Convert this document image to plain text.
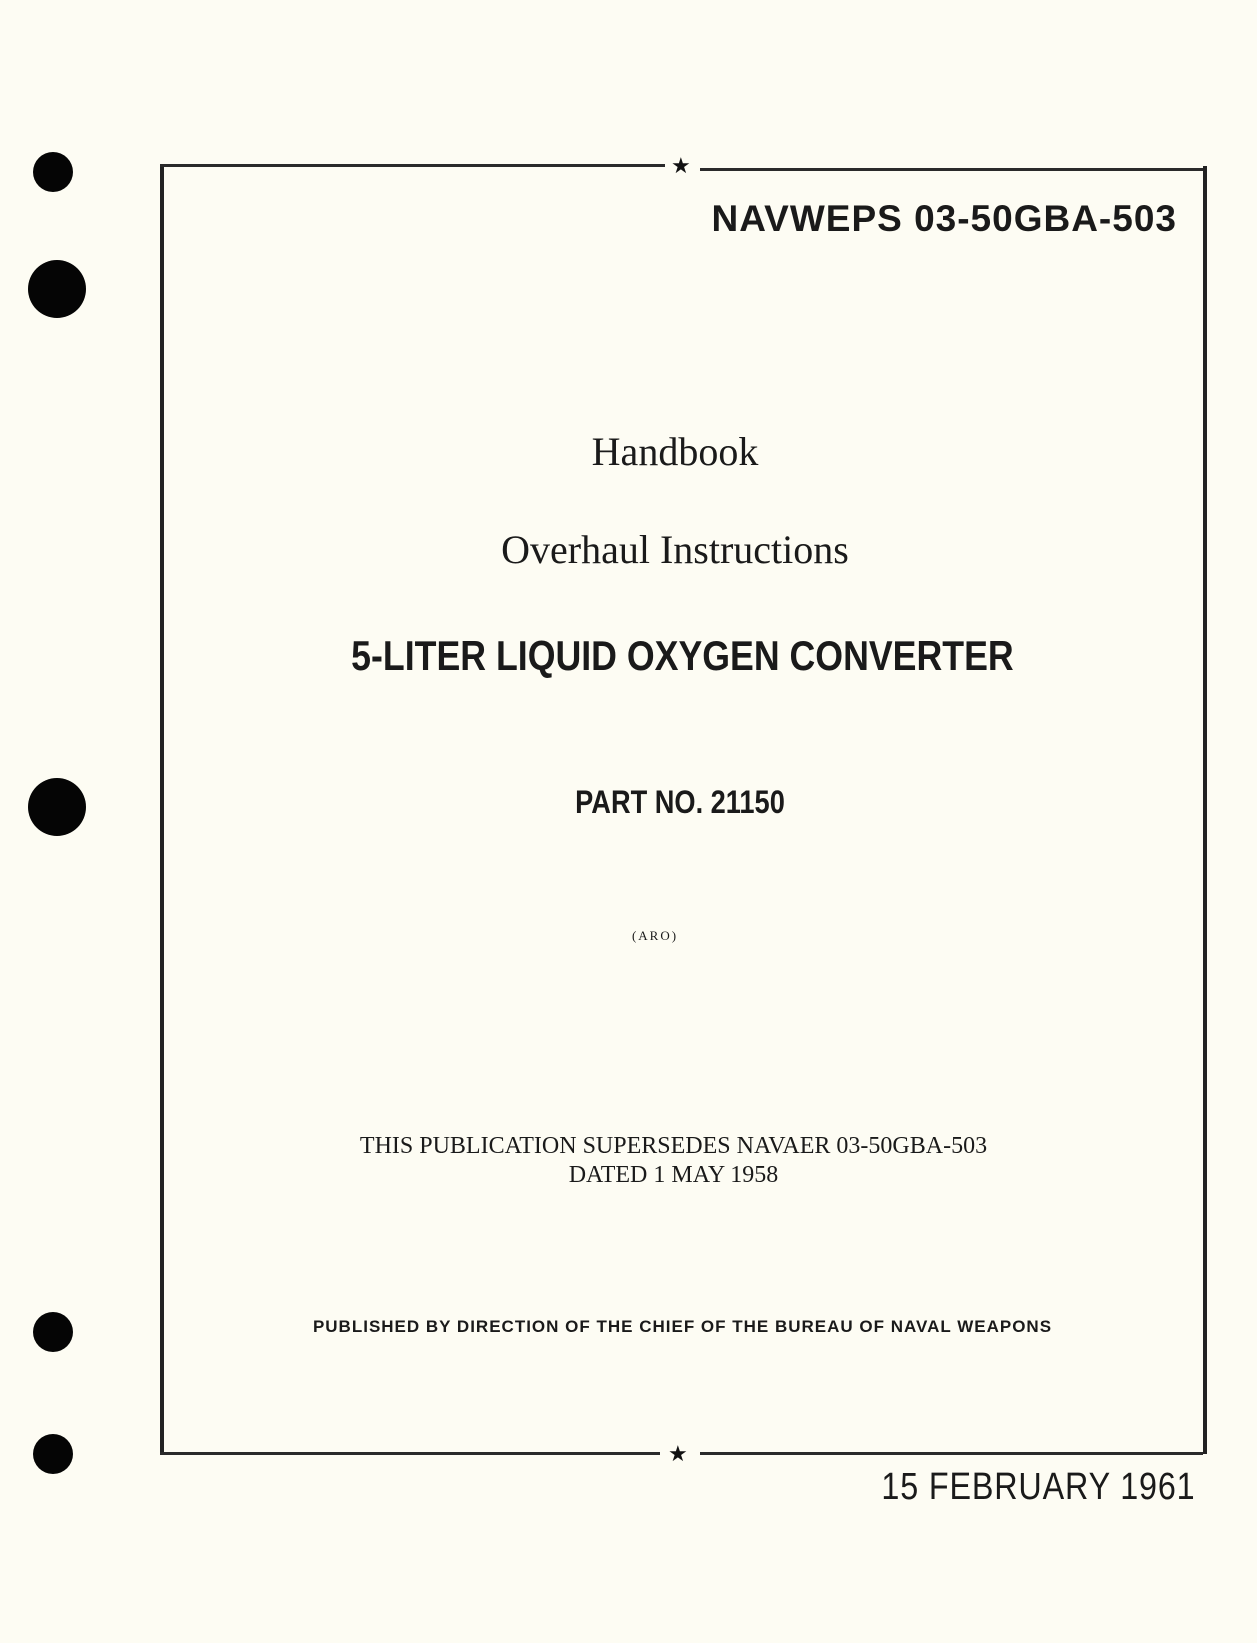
★
★
NAVWEPS 03-50GBA-503
Handbook
Overhaul Instructions
5-LITER LIQUID OXYGEN CONVERTER
PART NO. 21150
(ARO)
THIS PUBLICATION SUPERSEDES NAVAER 03-50GBA-503
DATED 1 MAY 1958
PUBLISHED BY DIRECTION OF THE CHIEF OF THE BUREAU OF NAVAL WEAPONS
15 FEBRUARY 1961
